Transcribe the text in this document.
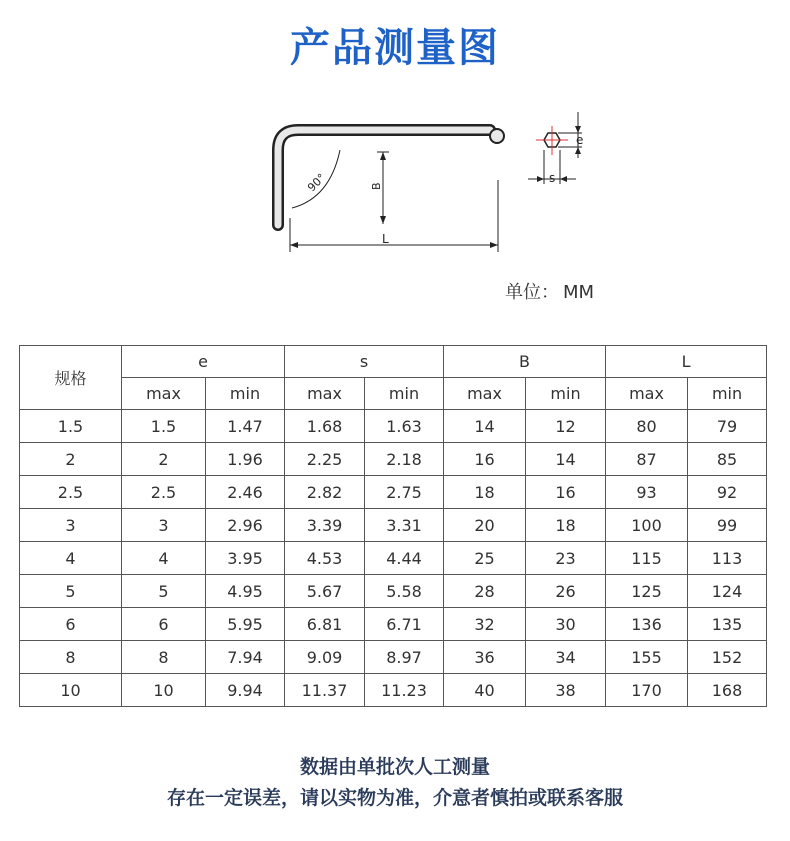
产品测量图
90°	B
L
e
s
单位： MM
规格	e		s		B		L	
	max	min	max	min	max	min	max	min
1.5	1.5	1.47	1.68	1.63	14	12	80	79
2	2	1.96	2.25	2.18	16	14	87	85
2.5	2.5	2.46	2.82	2.75	18	16	93	92
3	3	2.96	3.39	3.31	20	18	100	99
4	4	3.95	4.53	4.44	25	23	115	113
5	5	4.95	5.67	5.58	28	26	125	124
6	6	5.95	6.81	6.71	32	30	136	135
8	8	7.94	9.09	8.97	36	34	155	152
10	10	9.94	11.37	11.23	40	38	170	168
数据由单批次人工测量
存在一定误差，请以实物为准，介意者慎拍或联系客服
